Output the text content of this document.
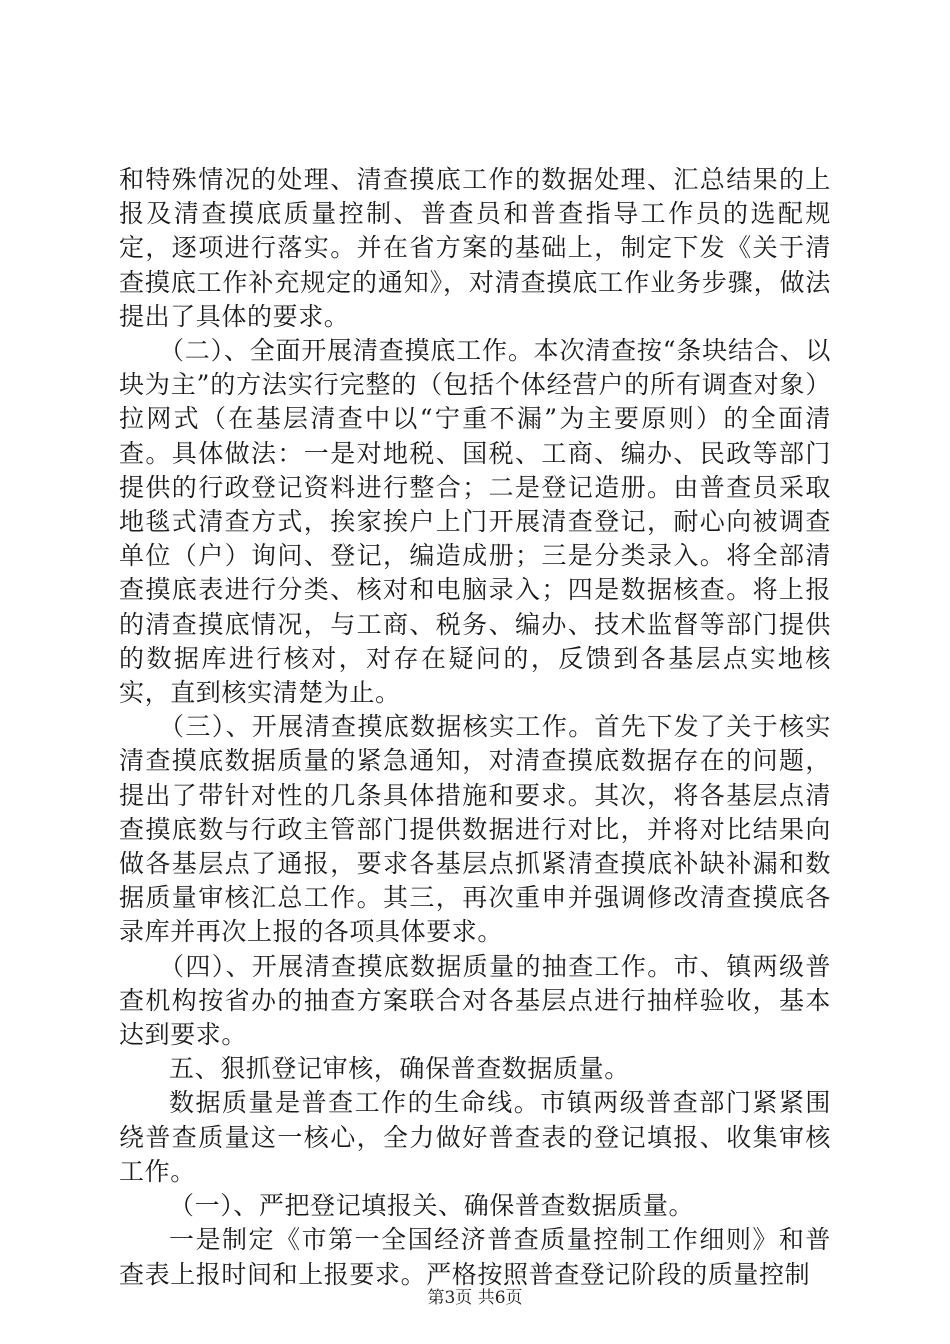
和特殊情况的处理、清查摸底工作的数据处理、汇总结果的上报及清查摸底质量控制、普查员和普查指导工作员的选配规定，逐项进行落实。并在省方案的基础上，制定下发《关于清查摸底工作补充规定的通知》，对清查摸底工作业务步骤，做法提出了具体的要求。

（二）、全面开展清查摸底工作。本次清查按“条块结合、以块为主”的方法实行完整的（包括个体经营户的所有调查对象）拉网式（在基层清查中以“宁重不漏”为主要原则）的全面清查。具体做法：一是对地税、国税、工商、编办、民政等部门提供的行政登记资料进行整合；二是登记造册。由普查员采取地毯式清查方式，挨家挨户上门开展清查登记，耐心向被调查单位（户）询问、登记，编造成册；三是分类录入。将全部清查摸底表进行分类、核对和电脑录入；四是数据核查。将上报的清查摸底情况，与工商、税务、编办、技术监督等部门提供的数据库进行核对，对存在疑问的，反馈到各基层点实地核实，直到核实清楚为止。

（三）、开展清查摸底数据核实工作。首先下发了关于核实清查摸底数据质量的紧急通知，对清查摸底数据存在的问题，提出了带针对性的几条具体措施和要求。其次，将各基层点清查摸底数与行政主管部门提供数据进行对比，并将对比结果向做各基层点了通报，要求各基层点抓紧清查摸底补缺补漏和数据质量审核汇总工作。其三，再次重申并强调修改清查摸底各录库并再次上报的各项具体要求。

（四）、开展清查摸底数据质量的抽查工作。市、镇两级普查机构按省办的抽查方案联合对各基层点进行抽样验收，基本达到要求。

五、狠抓登记审核，确保普查数据质量。

数据质量是普查工作的生命线。市镇两级普查部门紧紧围绕普查质量这一核心，全力做好普查表的登记填报、收集审核工作。

（一）、严把登记填报关、确保普查数据质量。

一是制定《市第一全国经济普查质量控制工作细则》和普查表上报时间和上报要求。严格按照普查登记阶段的质量控制

第3页 共6页
